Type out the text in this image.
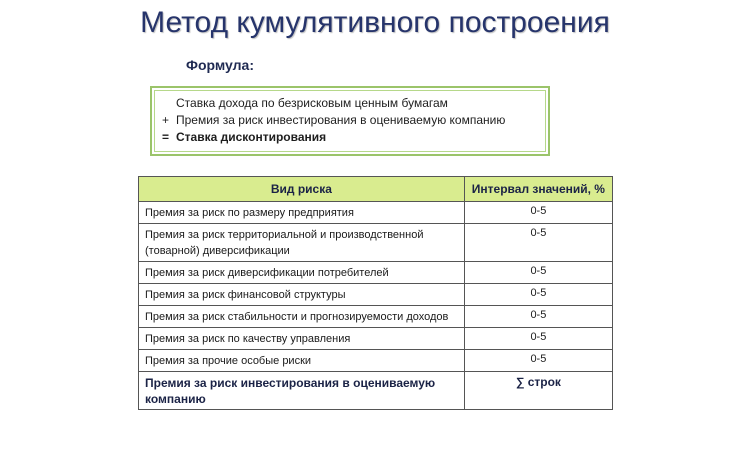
Метод кумулятивного построения
Формула:
Ставка дохода по безрисковым ценным бумагам
+ Премия за риск инвестирования в оцениваемую компанию
= Ставка дисконтирования
Вид риска	Интервал значений, %
Премия за риск по размеру предприятия	0-5
Премия за риск территориальной и производственной (товарной) диверсификации	0-5
Премия за риск диверсификации потребителей	0-5
Премия за риск финансовой структуры	0-5
Премия за риск стабильности и прогнозируемости доходов	0-5
Премия за риск по качеству управления	0-5
Премия за прочие особые риски	0-5
Премия за риск инвестирования в оцениваемую компанию	∑ строк
